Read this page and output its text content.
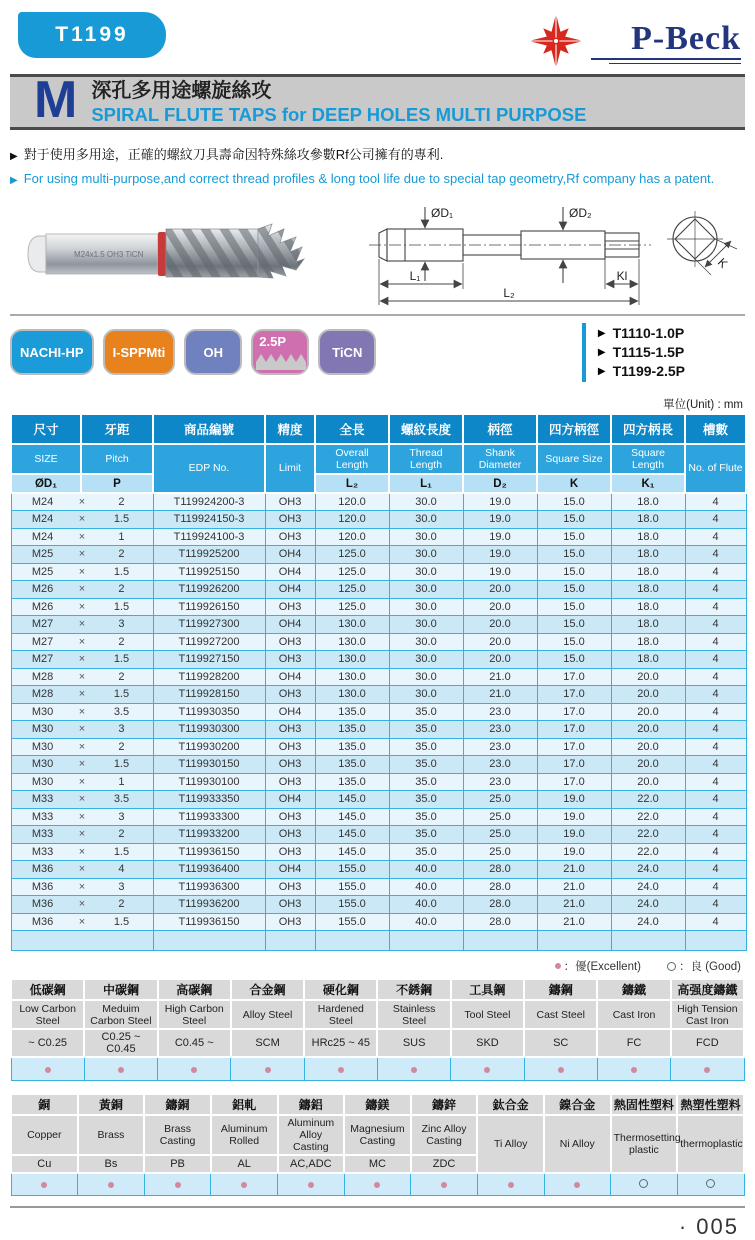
T1199	P-Beck
M 深孔多用途螺旋絲攻
SPIRAL FLUTE TAPS for DEEP HOLES MULTI PURPOSE
▶ 對于使用多用途，正確的螺紋刀具壽命因特殊絲攻參數Rf公司擁有的專利.
▶ For using multi-purpose,and correct thread profiles & long tool life due to special tap geometry,Rf company has a patent.
M24x1.5 OH3 TiCN
ØD₁	ØD₂
L₁	Kl
L₂
K
NACHI-HP I-SPPMti	OH
2.5P
TiCN
▶ T1110-1.0P
▶ T1115-1.5P
▶ T1199-2.5P
單位(Unit) : mm
尺寸	牙距	商品編號	精度	全長	螺紋長度	柄徑	四方柄徑	四方柄長	槽數
SIZE	Pitch	EDP No.	Limit	Overall Length	Thread Length	Shank Diameter	Square Size	Square Length	No. of Flute
ØD₁	P			L₂	L₁	D₂	K	K₁	

M24 × 2		T119924200-3	OH3	120.0	30.0	19.0	15.0	18.0	4

M24 × 1.5		T119924150-3	OH3	120.0	30.0	19.0	15.0	18.0	4

M24 × 1		T119924100-3	OH3	120.0	30.0	19.0	15.0	18.0	4

M25 × 2		T119925200	OH4	125.0	30.0	19.0	15.0	18.0	4

M25 × 1.5		T119925150	OH4	125.0	30.0	19.0	15.0	18.0	4

M26 × 2		T119926200	OH4	125.0	30.0	20.0	15.0	18.0	4

M26 × 1.5		T119926150	OH3	125.0	30.0	20.0	15.0	18.0	4

M27 × 3		T119927300	OH4	130.0	30.0	20.0	15.0	18.0	4

M27 × 2		T119927200	OH3	130.0	30.0	20.0	15.0	18.0	4

M27 × 1.5		T119927150	OH3	130.0	30.0	20.0	15.0	18.0	4

M28 × 2		T119928200	OH4	130.0	30.0	21.0	17.0	20.0	4

M28 × 1.5		T119928150	OH3	130.0	30.0	21.0	17.0	20.0	4

M30 × 3.5		T119930350	OH4	135.0	35.0	23.0	17.0	20.0	4

M30 × 3		T119930300	OH3	135.0	35.0	23.0	17.0	20.0	4

M30 × 2		T119930200	OH3	135.0	35.0	23.0	17.0	20.0	4

M30 × 1.5		T119930150	OH3	135.0	35.0	23.0	17.0	20.0	4

M30 × 1		T119930100	OH3	135.0	35.0	23.0	17.0	20.0	4

M33 × 3.5		T119933350	OH4	145.0	35.0	25.0	19.0	22.0	4

M33 × 3		T119933300	OH3	145.0	35.0	25.0	19.0	22.0	4

M33 × 2		T119933200	OH3	145.0	35.0	25.0	19.0	22.0	4

M33 × 1.5		T119936150	OH3	145.0	35.0	25.0	19.0	22.0	4

M36 × 4		T119936400	OH4	155.0	40.0	28.0	21.0	24.0	4

M36 × 3		T119936300	OH3	155.0	40.0	28.0	21.0	24.0	4

M36 × 2		T119936200	OH3	155.0	40.0	28.0	21.0	24.0	4

M36 × 1.5		T119936150	OH3	155.0	40.0	28.0	21.0	24.0	4

：優(Excellent)	：良 (Good)
低碳鋼	中碳鋼	高碳鋼	合金鋼	硬化鋼	不銹鋼	工具鋼	鑄鋼	鑄鐵	高强度鑄鐵
Low Carbon Steel	Meduim Carbon Steel	High Carbon Steel	Alloy Steel	Hardened Steel	Stainless Steel	Tool Steel	Cast Steel	Cast Iron	High Tension Cast Iron
~ C0.25	C0.25 ~ C0.45	C0.45 ~	SCM	HRc25 ~ 45	SUS	SKD	SC	FC	FCD

銅	黃銅	鑄銅	鋁軋	鑄鋁	鑄鎂	鑄鋅	鈦合金	鎳合金	熱固性塑料	熱塑性塑料
Copper	Brass	Brass Casting	Aluminum Rolled	Aluminum Alloy Casting	Magnesium Casting	Zinc Alloy Casting	Ti Alloy	Ni Alloy	Thermosetting plastic	thermoplastic
Cu	Bs	PB	AL	AC,ADC	MC	ZDC				

· 005
